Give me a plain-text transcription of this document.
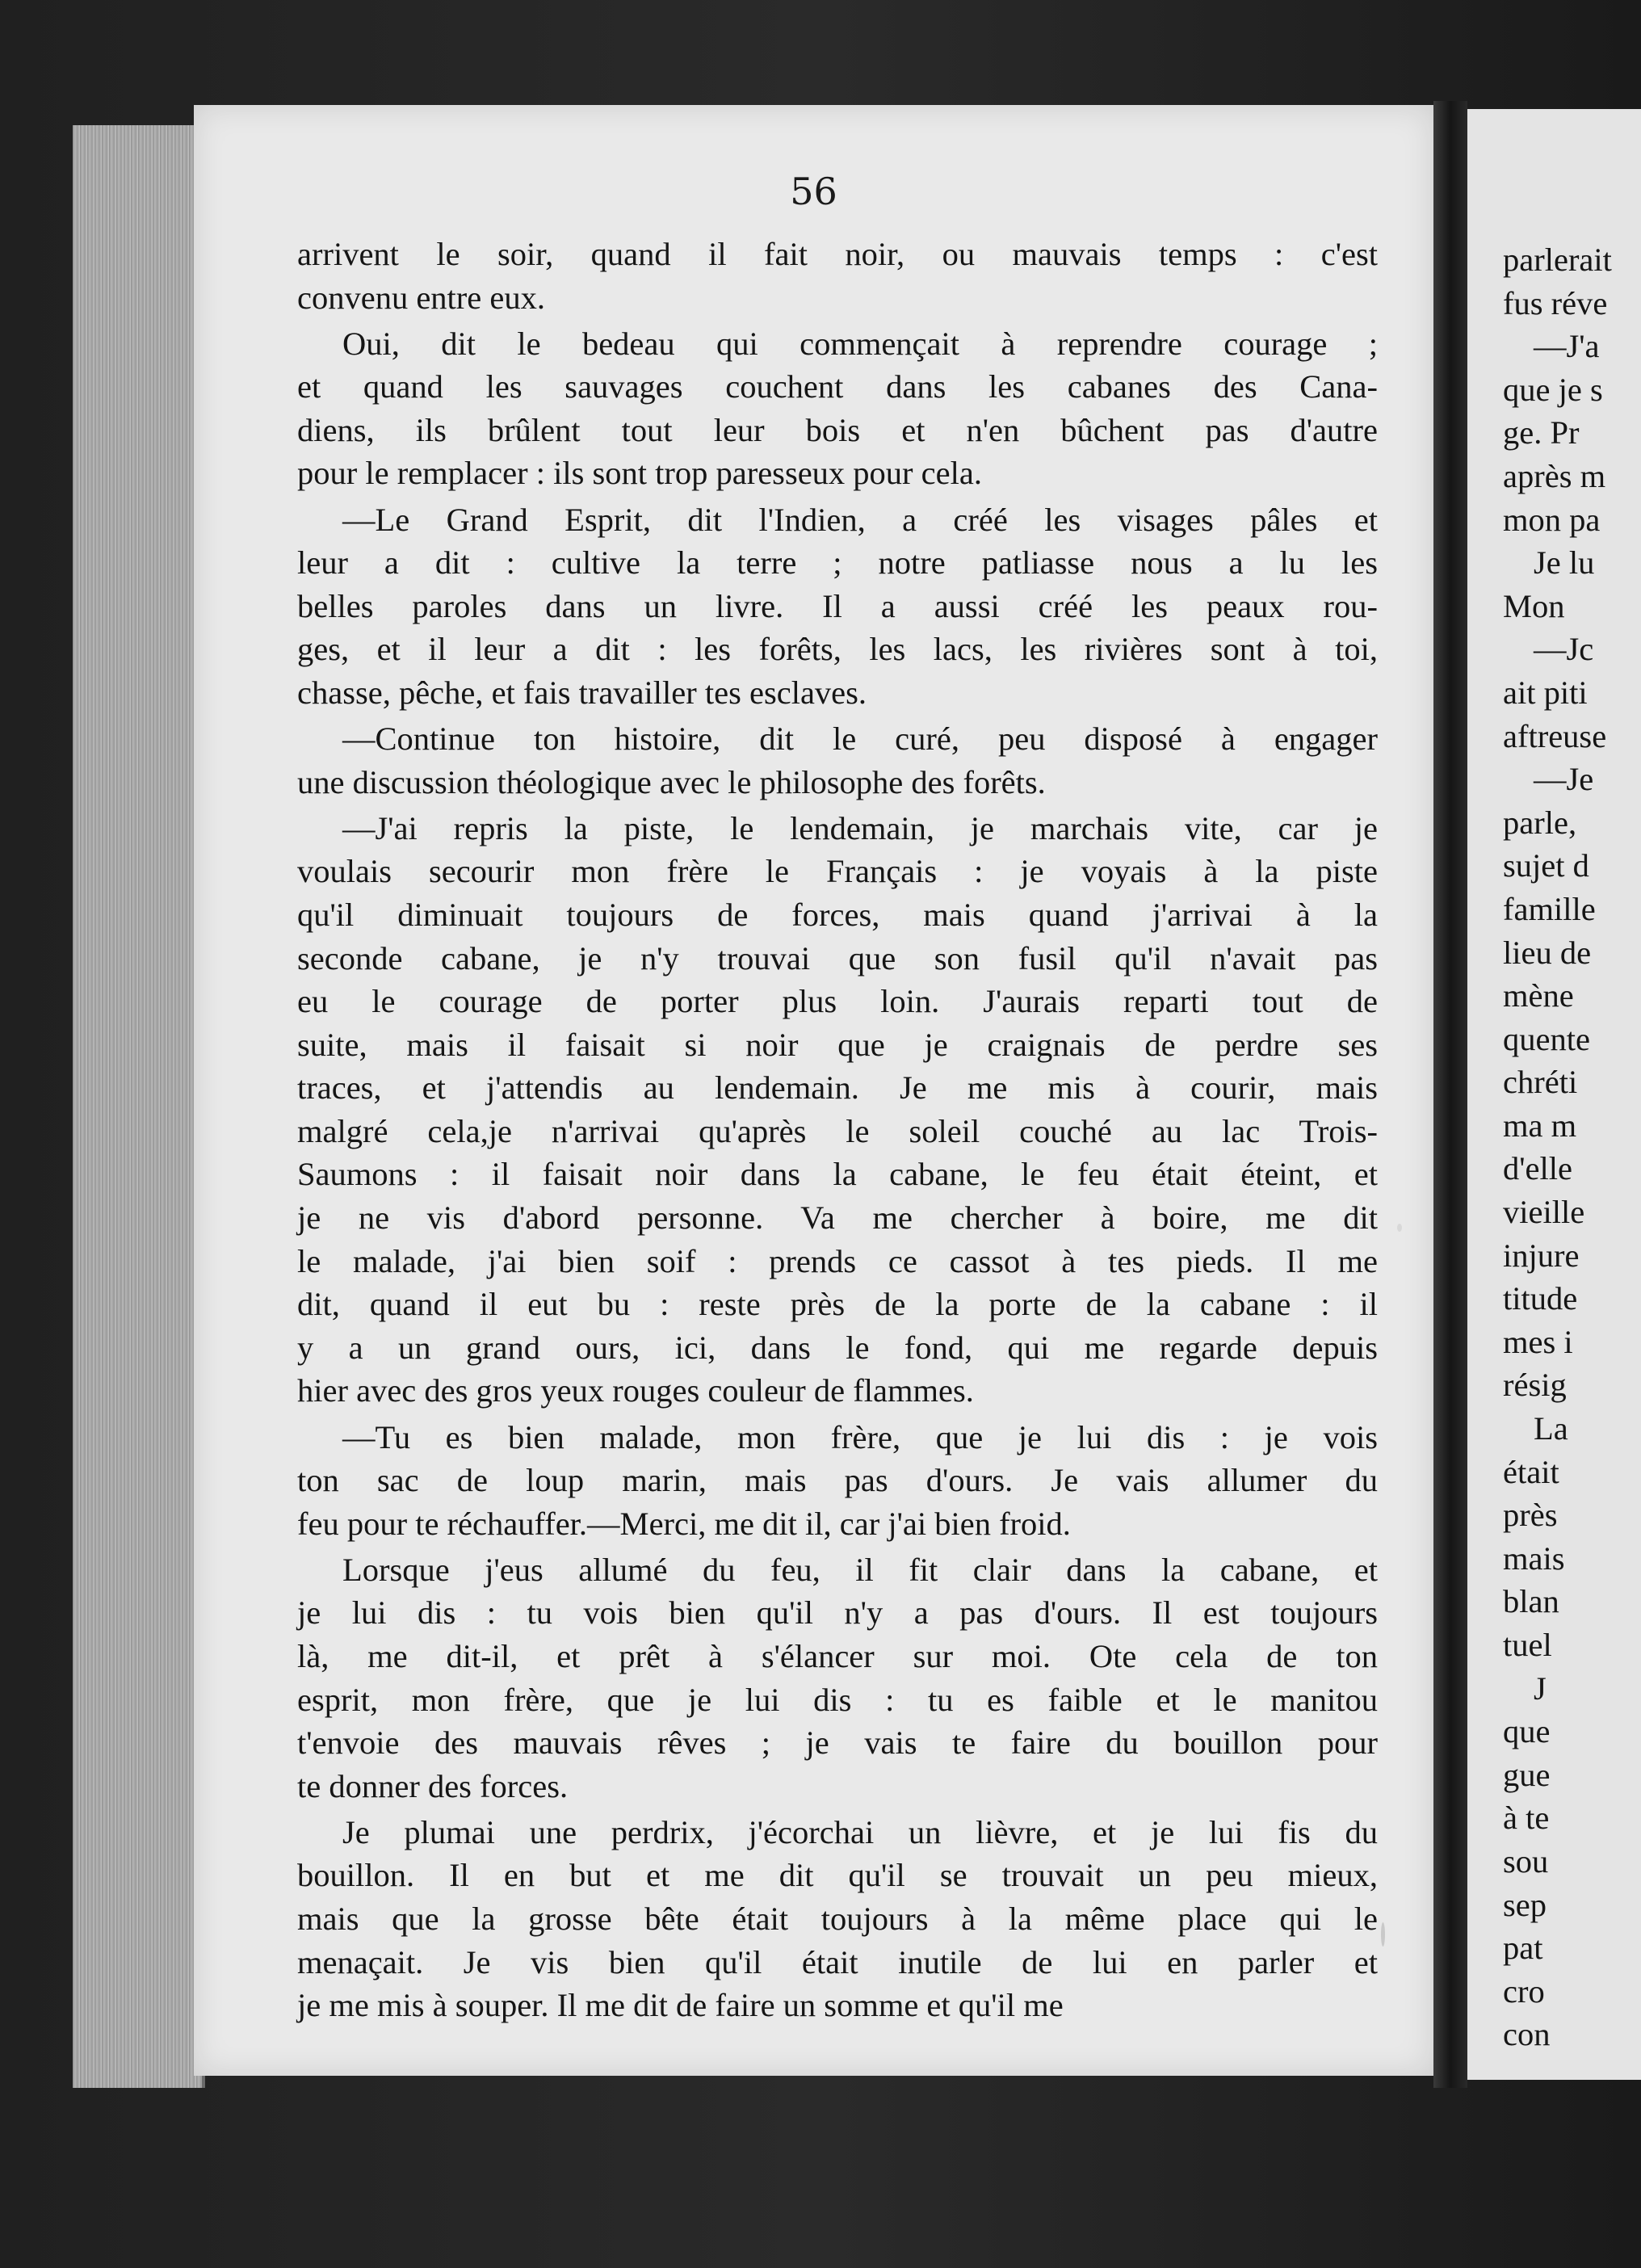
56
arrivent le soir, quand il fait noir, ou mauvais temps : c'est
convenu entre eux.
Oui, dit le bedeau qui commençait à reprendre courage ;
et quand les sauvages couchent dans les cabanes des Cana-
diens, ils brûlent tout leur bois et n'en bûchent pas d'autre
pour le remplacer : ils sont trop paresseux pour cela.
—Le Grand Esprit, dit l'Indien, a créé les visages pâles et
leur a dit : cultive la terre ; notre patliasse nous a lu les
belles paroles dans un livre. Il a aussi créé les peaux rou-
ges, et il leur a dit : les forêts, les lacs, les rivières sont à toi,
chasse, pêche, et fais travailler tes esclaves.
—Continue ton histoire, dit le curé, peu disposé à engager
une discussion théologique avec le philosophe des forêts.
—J'ai repris la piste, le lendemain, je marchais vite, car je
voulais secourir mon frère le Français : je voyais à la piste
qu'il diminuait toujours de forces, mais quand j'arrivai à la
seconde cabane, je n'y trouvai que son fusil qu'il n'avait pas
eu le courage de porter plus loin. J'aurais reparti tout de
suite, mais il faisait si noir que je craignais de perdre ses
traces, et j'attendis au lendemain. Je me mis à courir, mais
malgré cela,je n'arrivai qu'après le soleil couché au lac Trois-
Saumons : il faisait noir dans la cabane, le feu était éteint, et
je ne vis d'abord personne. Va me chercher à boire, me dit
le malade, j'ai bien soif : prends ce cassot à tes pieds. Il me
dit, quand il eut bu : reste près de la porte de la cabane : il
y a un grand ours, ici, dans le fond, qui me regarde depuis
hier avec des gros yeux rouges couleur de flammes.
—Tu es bien malade, mon frère, que je lui dis : je vois
ton sac de loup marin, mais pas d'ours. Je vais allumer du
feu pour te réchauffer.—Merci, me dit il, car j'ai bien froid.
Lorsque j'eus allumé du feu, il fit clair dans la cabane, et
je lui dis : tu vois bien qu'il n'y a pas d'ours. Il est toujours
là, me dit-il, et prêt à s'élancer sur moi. Ote cela de ton
esprit, mon frère, que je lui dis : tu es faible et le manitou
t'envoie des mauvais rêves ; je vais te faire du bouillon pour
te donner des forces.
Je plumai une perdrix, j'écorchai un lièvre, et je lui fis du
bouillon. Il en but et me dit qu'il se trouvait un peu mieux,
mais que la grosse bête était toujours à la même place qui le
menaçait. Je vis bien qu'il était inutile de lui en parler et
je me mis à souper. Il me dit de faire un somme et qu'il me
parlerait
fus réve
—J'a
que je s
ge. Pr
après m
mon pa
Je lu
Mon
—Jc
ait piti
aftreuse
—Je
parle,
sujet d
famille
lieu de
mène
quente
chréti
ma m
d'elle
vieille
injure
titude
mes i
résig
La
était
près
mais
blan
tuel
J
que
gue
à te
sou
sep
pat
cro
con
